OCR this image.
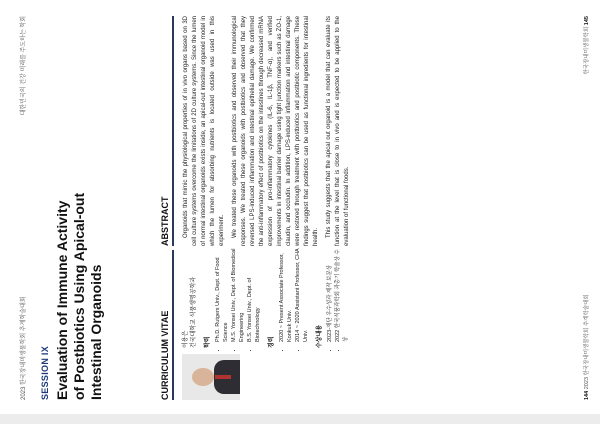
2023 한국장내미생물학회 추계학술대회
대한민국의 건강 미래를 주도하는 학회
SESSION IX Evaluation of Immune Activity of Postbiotics Using Apical-out Intestinal Organoids	CURRICULUM VITAE
ABSTRACT
이용은 건국대학교 식품생명공학과 학력
• Ph.D. Rutgers Univ., Dept. of Food Science • M.S. Yonsei Univ., Dept. of Biomedical Engineering • B.S. Yonsei Univ., Dept. of Biotechnology
경력
• 2020 ~ Present Associate Professor, Konkuk Univ. • 2014 ~ 2020 Assistant Professor, CHA Univ. 수상내용 • 2023-재단 우수성과 제작 보문상 • 2022 한국식품과학회 과총기 학술상 수상

Organoids that mimic the physiological properties of in vivo organs based on 3D cell culture systems overcome the limitations of 2D culture systems. Since the lumen of normal intestinal organoids exists inside, an apical-out intestinal organoid model in which the lumen for absorbing nutrients is located outside was used in this experiment.	We treated these organoids with postbiotics and observed their immunological responses. We treated these organoids with postbiotics and observed that they reversed LPS-induced inflammation and intestinal epithelial damage. We confirmed the anti-inflammatory effect of postbiotics on the intestines through decreased mRNA expression of pro-inflammatory cytokines (IL-6, IL-1β, TNF-α), and verified improvements in intestinal barrier damage using tight junction markers such as ZO-1, claudin, and occludin. In addition, LPS-induced inflammation and intestinal damage were restored through treatment with postbiotics and postbiotic components. These findings suggest that postbiotics can be used as functional ingredients for intestinal health.	This study suggests that the apical out organoid is a model that can evaluate its function at the level that is close to in vivo and is expected to be applied to the evaluation of functional foods.

144 2023 한국장내미생물학회 추계학술대회
한국장내미생물학회 145
